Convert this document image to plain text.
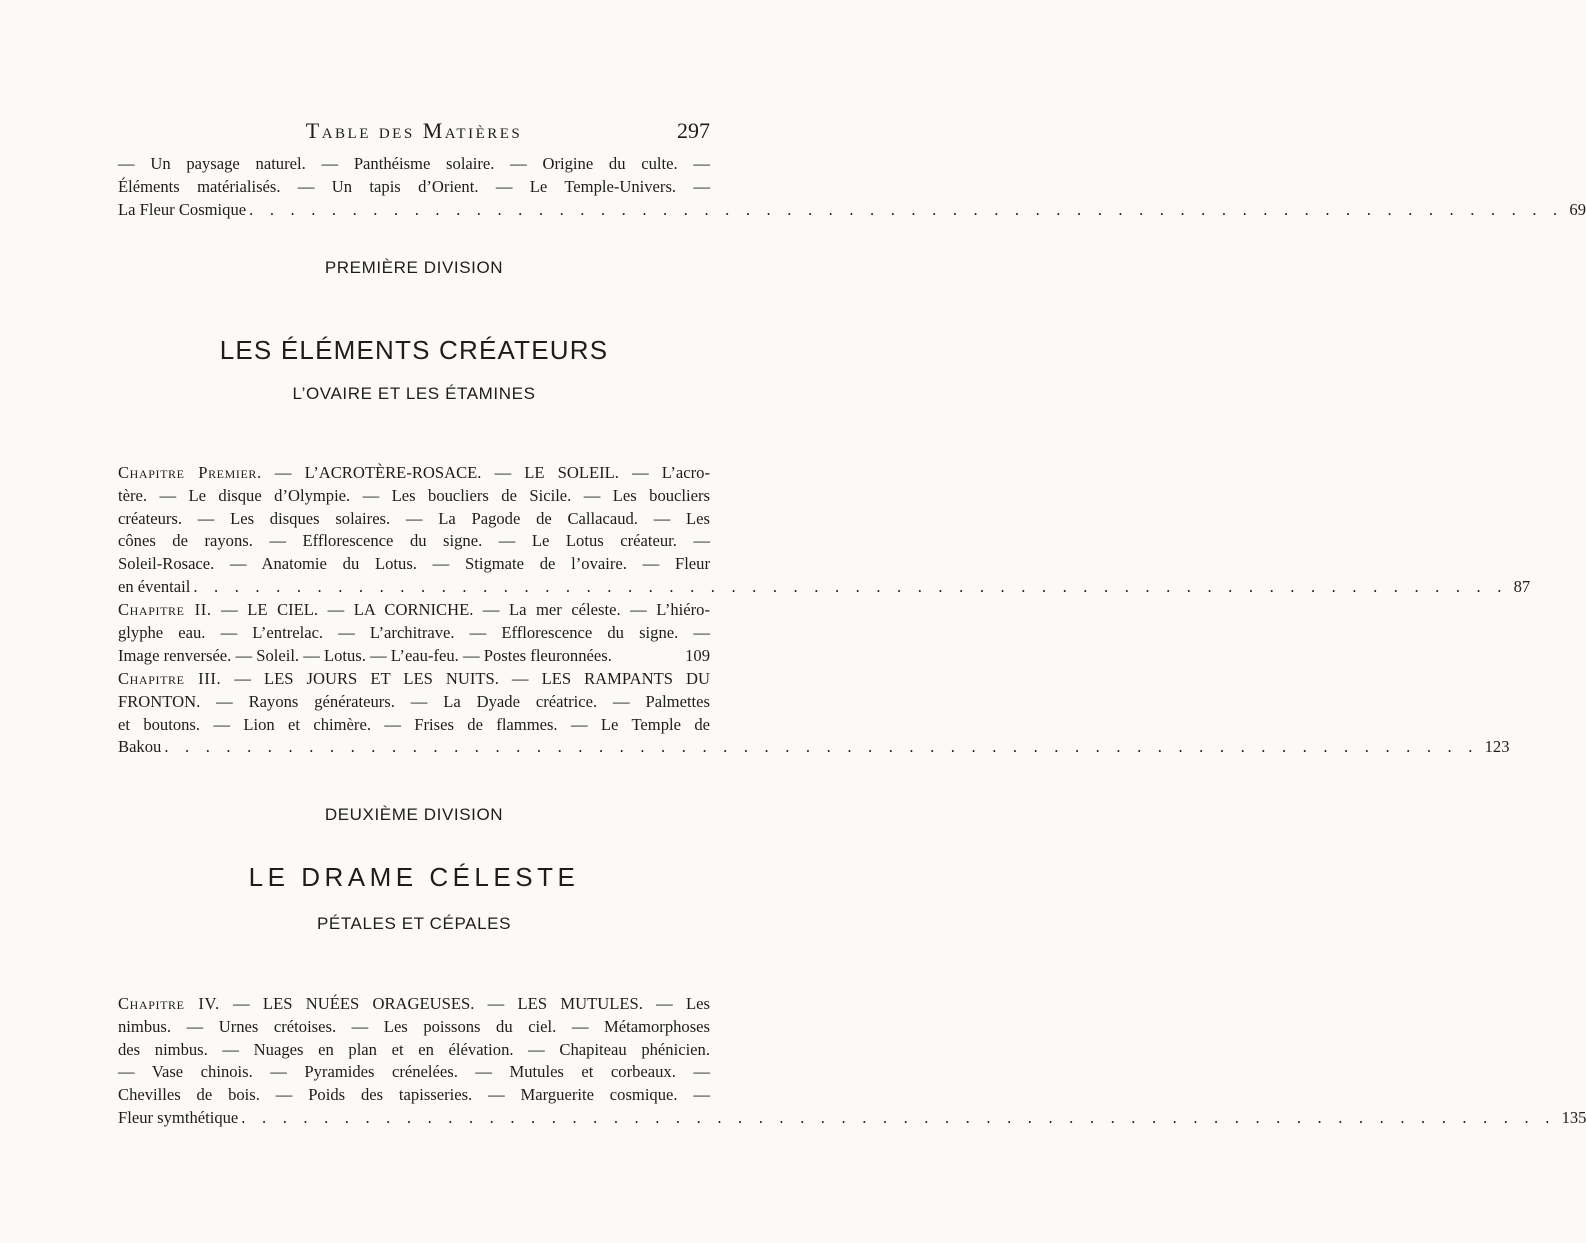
Table des Matières	297
— Un paysage naturel. — Panthéisme solaire. — Origine du culte. —
Éléments matérialisés. — Un tapis d’Orient. — Le Temple-Univers. —
La Fleur Cosmique . . . . . . . . . . . . . . . . . . . . . . . . . . . . . . . . . . . . . . . . . . . . . . . . . . . . . . . . . . . . . . . . 69
PREMIÈRE DIVISION
LES ÉLÉMENTS CRÉATEURS
L’OVAIRE ET LES ÉTAMINES
Chapitre Premier. — L’ACROTÈRE-ROSACE. — LE SOLEIL. — L’acro-
tère. — Le disque d’Olympie. — Les boucliers de Sicile. — Les boucliers
créateurs. — Les disques solaires. — La Pagode de Callacaud. — Les
cônes de rayons. — Efflorescence du signe. — Le Lotus créateur. —
Soleil-Rosace. — Anatomie du Lotus. — Stigmate de l’ovaire. — Fleur
en éventail . . . . . . . . . . . . . . . . . . . . . . . . . . . . . . . . . . . . . . . . . . . . . . . . . . . . . . . . . . . . . . . . 87
Chapitre II. — LE CIEL. — LA CORNICHE. — La mer céleste. — L’hiéro-
glyphe eau. — L’entrelac. — L’architrave. — Efflorescence du signe. —
Image renversée. — Soleil. — Lotus. — L’eau-feu. — Postes fleuronnées.	109
Chapitre III. — LES JOURS ET LES NUITS. — LES RAMPANTS DU
FRONTON. — Rayons générateurs. — La Dyade créatrice. — Palmettes
et boutons. — Lion et chimère. — Frises de flammes. — Le Temple de
Bakou . . . . . . . . . . . . . . . . . . . . . . . . . . . . . . . . . . . . . . . . . . . . . . . . . . . . . . . . . . . . . . . . 123
DEUXIÈME DIVISION
LE DRAME CÉLESTE
PÉTALES ET CÉPALES
Chapitre IV. — LES NUÉES ORAGEUSES. — LES MUTULES. — Les
nimbus. — Urnes crétoises. — Les poissons du ciel. — Métamorphoses
des nimbus. — Nuages en plan et en élévation. — Chapiteau phénicien.
— Vase chinois. — Pyramides crénelées. — Mutules et corbeaux. —
Chevilles de bois. — Poids des tapisseries. — Marguerite cosmique. —
Fleur symthétique . . . . . . . . . . . . . . . . . . . . . . . . . . . . . . . . . . . . . . . . . . . . . . . . . . . . . . . . . . . . . . . . 135
